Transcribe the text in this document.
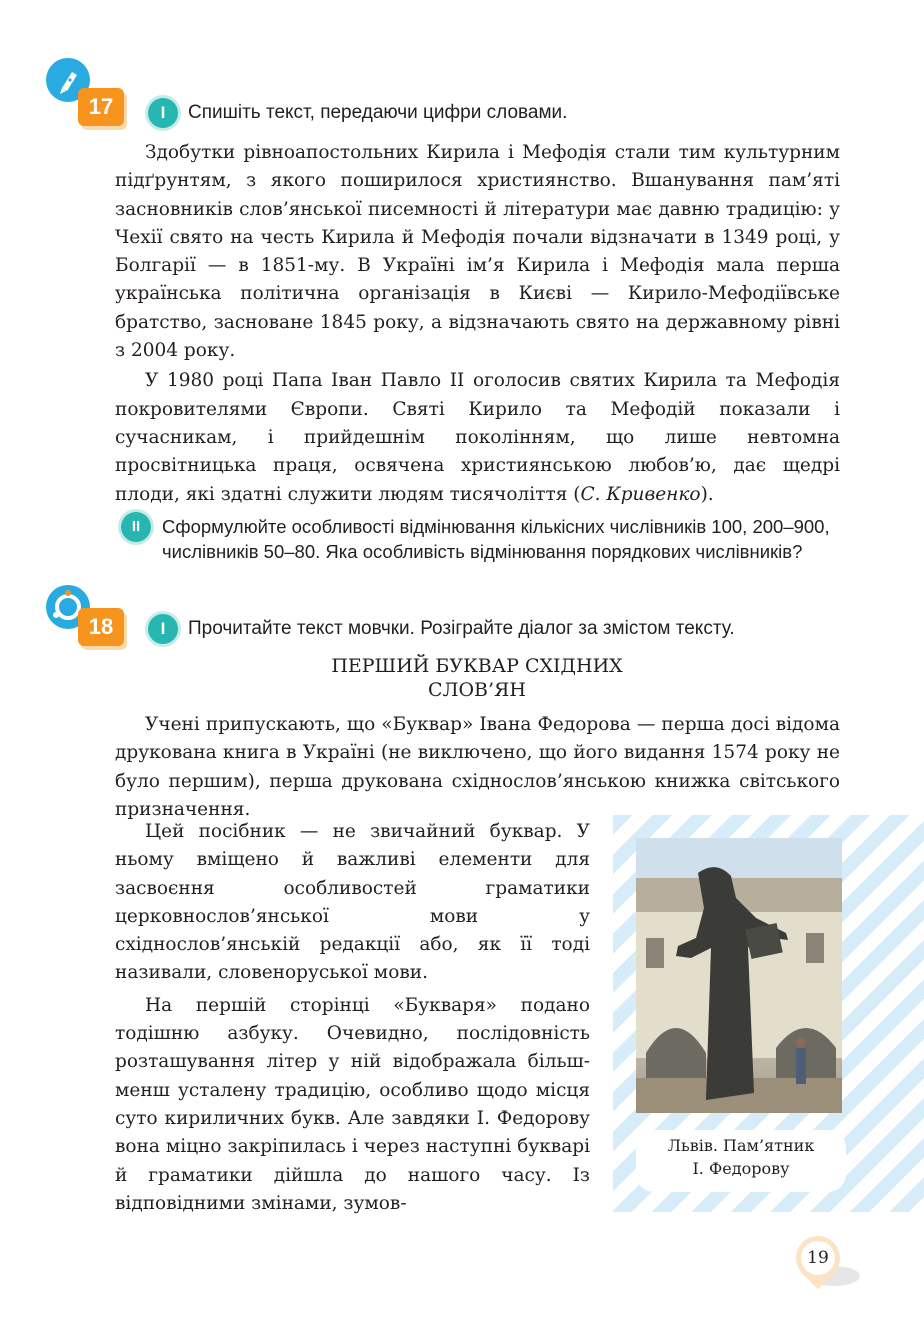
17	I	Спишіть текст, передаючи цифри словами.

Здобутки рівноапостольних Кирила і Мефодія стали тим культурним підґрунтям, з якого поширилося християнство. Вшанування пам’яті засновників слов’янської писемності й літератури має давню традицію: у Чехії свято на честь Кирила й Мефодія почали відзначати в 1349 році, у Болгарії — в 1851-му. В Україні ім’я Кирила і Мефодія мала перша українська політична організація в Києві — Кирило-Мефодіївське братство, засноване 1845 року, а відзначають свято на державному рівні з 2004 року.

У 1980 році Папа Іван Павло II оголосив святих Кирила та Мефодія покровителями Європи. Святі Кирило та Мефодій показали і сучасникам, і прийдешнім поколінням, що лише невтомна просвітницька праця, освячена християнською любов’ю, дає щедрі плоди, які здатні служити людям тисячоліття (С. Кривенко).

II	Сформулюйте особливості відмінювання кількісних числівників 100, 200–900, числівників 50–80. Яка особливість відмінювання порядкових числівників?
18	I	Прочитайте текст мовчки. Розіграйте діалог за змістом тексту.
ПЕРШИЙ БУКВАР СХІДНИХ
СЛОВ’ЯН

Учені припускають, що «Буквар» Івана Федорова — перша досі відома друкована книга в Україні (не виключено, що його видання 1574 року не було першим), перша друкована східнослов’янською книжка світського призначення.

Цей посібник — не звичайний буквар. У ньому вміщено й важливі елементи для засвоєння особливостей граматики церковнослов’янської мови у східнослов’янській редакції або, як її тоді називали, словеноруської мови.

На першій сторінці «Букваря» подано тодішню азбуку. Очевидно, послідовність розташування літер у ній відображала більш-менш усталену традицію, особливо щодо місця суто кириличних букв. Але завдяки І. Федорову вона міцно закріпилась і через наступні букварі й граматики дійшла до нашого часу. Із відповідними змінами, зумов-

Львів. Пам’ятник
І. Федорову
19
